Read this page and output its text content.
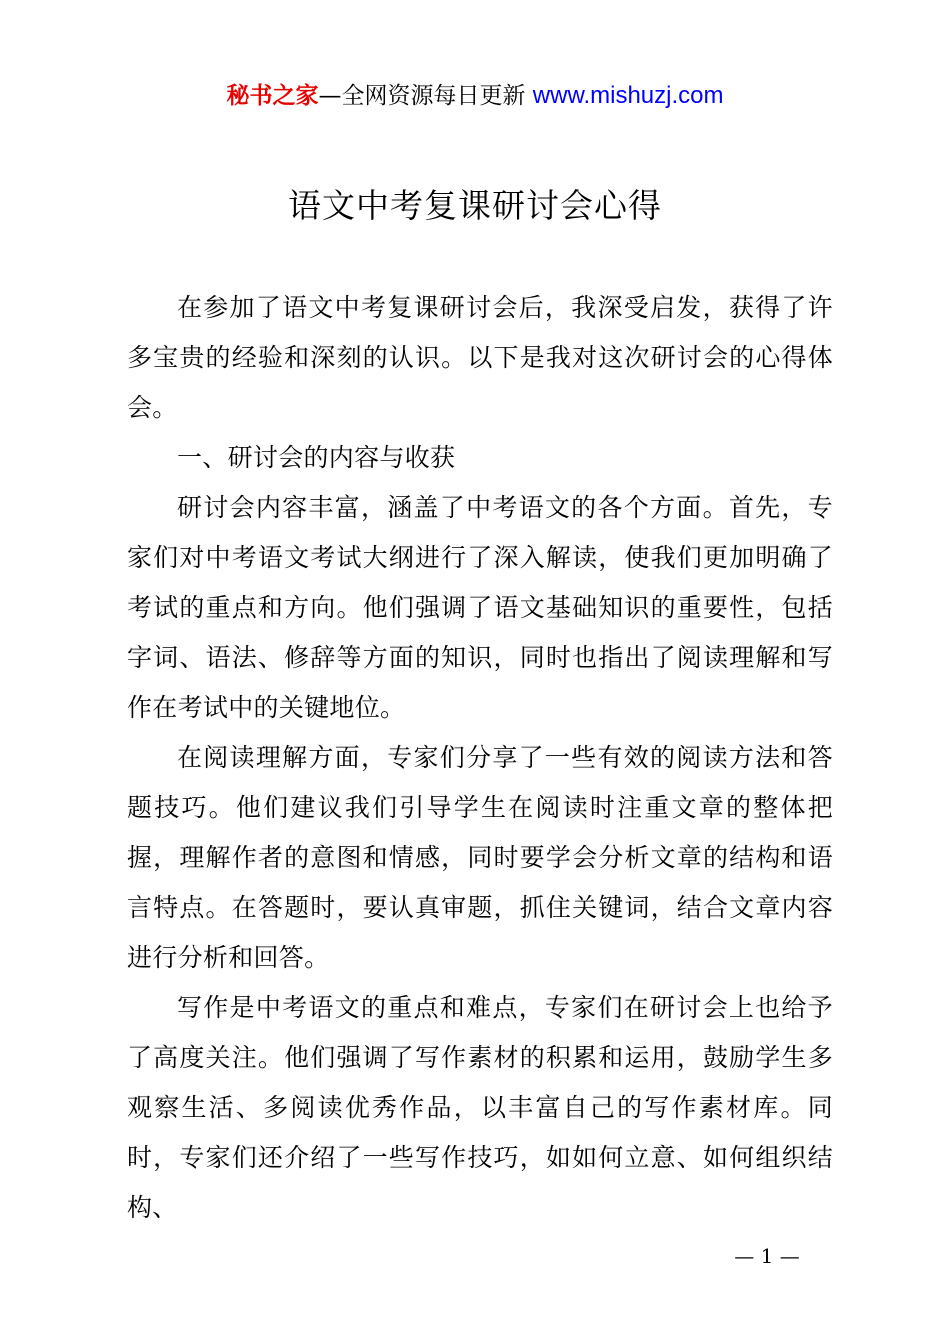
秘书之家—全网资源每日更新 www.mishuzj.com
语文中考复课研讨会心得

在参加了语文中考复课研讨会后，我深受启发，获得了许多宝贵的经验和深刻的认识。以下是我对这次研讨会的心得体会。

一、研讨会的内容与收获

研讨会内容丰富，涵盖了中考语文的各个方面。首先，专家们对中考语文考试大纲进行了深入解读，使我们更加明确了考试的重点和方向。他们强调了语文基础知识的重要性，包括字词、语法、修辞等方面的知识，同时也指出了阅读理解和写作在考试中的关键地位。

在阅读理解方面，专家们分享了一些有效的阅读方法和答题技巧。他们建议我们引导学生在阅读时注重文章的整体把握，理解作者的意图和情感，同时要学会分析文章的结构和语言特点。在答题时，要认真审题，抓住关键词，结合文章内容进行分析和回答。

写作是中考语文的重点和难点，专家们在研讨会上也给予了高度关注。他们强调了写作素材的积累和运用，鼓励学生多观察生活、多阅读优秀作品，以丰富自己的写作素材库。同时，专家们还介绍了一些写作技巧，如如何立意、如何组织结构、

— 1 —
